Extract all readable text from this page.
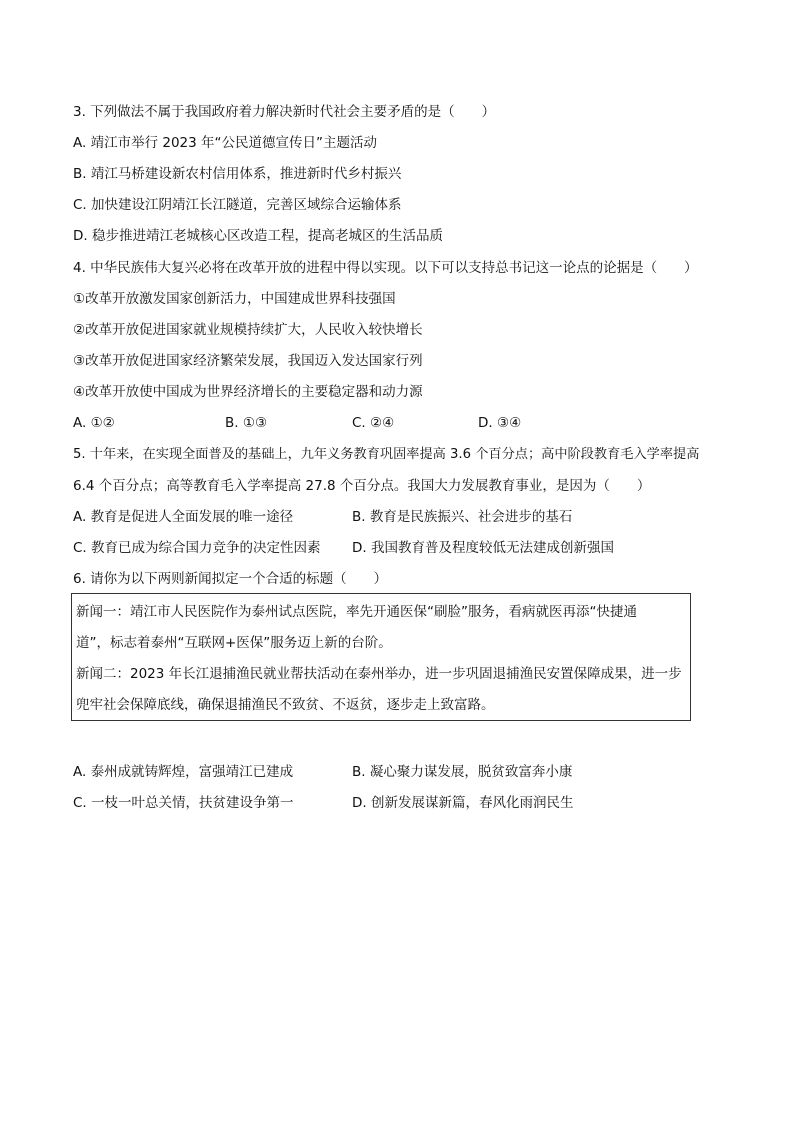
3. 下列做法不属于我国政府着力解决新时代社会主要矛盾的是（　　）
A. 靖江市举行 2023 年“公民道德宣传日”主题活动
B. 靖江马桥建设新农村信用体系，推进新时代乡村振兴
C. 加快建设江阴靖江长江隧道，完善区域综合运输体系
D. 稳步推进靖江老城核心区改造工程，提高老城区的生活品质
4. 中华民族伟大复兴必将在改革开放的进程中得以实现。以下可以支持总书记这一论点的论据是（　　）
①改革开放激发国家创新活力，中国建成世界科技强国
②改革开放促进国家就业规模持续扩大，人民收入较快增长
③改革开放促进国家经济繁荣发展，我国迈入发达国家行列
④改革开放使中国成为世界经济增长的主要稳定器和动力源
A. ①②	B. ①③	C. ②④	D. ③④
5. 十年来，在实现全面普及的基础上，九年义务教育巩固率提高 3.6 个百分点；高中阶段教育毛入学率提高
6.4 个百分点；高等教育毛入学率提高 27.8 个百分点。我国大力发展教育事业，是因为（　　）
A. 教育是促进人全面发展的唯一途径	B. 教育是民族振兴、社会进步的基石
C. 教育已成为综合国力竞争的决定性因素 D. 我国教育普及程度较低无法建成创新强国
6. 请你为以下两则新闻拟定一个合适的标题（　　）
新闻一：靖江市人民医院作为泰州试点医院，率先开通医保“刷脸”服务，看病就医再添“快捷通
道”，标志着泰州“互联网+医保”服务迈上新的台阶。
新闻二：2023 年长江退捕渔民就业帮扶活动在泰州举办，进一步巩固退捕渔民安置保障成果，进一步
兜牢社会保障底线，确保退捕渔民不致贫、不返贫，逐步走上致富路。
A. 泰州成就铸辉煌，富强靖江已建成	B. 凝心聚力谋发展，脱贫致富奔小康
C. 一枝一叶总关情，扶贫建设争第一	D. 创新发展谋新篇，春风化雨润民生
